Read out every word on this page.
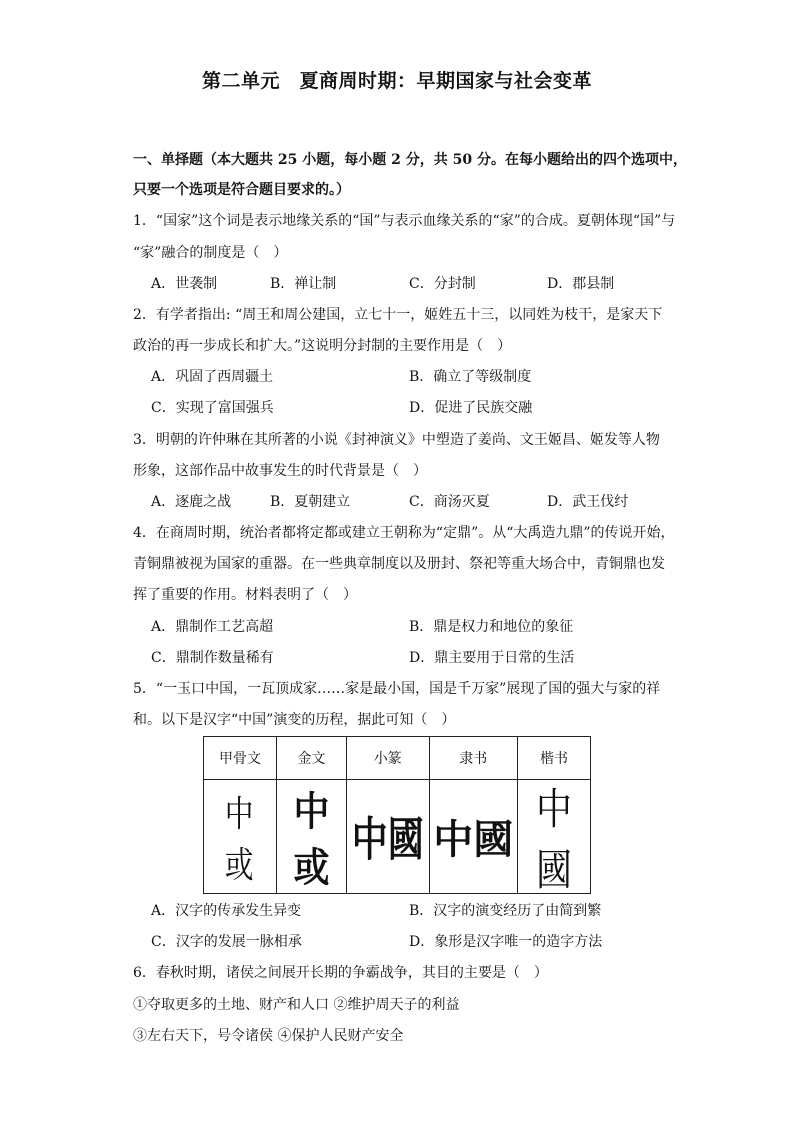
第二单元　夏商周时期：早期国家与社会变革
一、单择题（本大题共 25 小题，每小题 2 分，共 50 分。在每小题给出的四个选项中，
只要一个选项是符合题目要求的。）
1．“国家”这个词是表示地缘关系的“国”与表示血缘关系的“家”的合成。夏朝体现“国”与
“家”融合的制度是（　）
A．世袭制	B．禅让制	C．分封制	D．郡县制
2．有学者指出: “周王和周公建国，立七十一，姬姓五十三，以同姓为枝干，是家天下
政治的再一步成长和扩大。”这说明分封制的主要作用是（　）
A．巩固了西周疆土	B．确立了等级制度
C．实现了富国强兵	D．促进了民族交融
3．明朝的许仲琳在其所著的小说《封神演义》中塑造了姜尚、文王姬昌、姬发等人物
形象，这部作品中故事发生的时代背景是（　）
A．逐鹿之战	B．夏朝建立	C．商汤灭夏	D．武王伐纣
4．在商周时期，统治者都将定都或建立王朝称为“定鼎”。从“大禹造九鼎”的传说开始，
青铜鼎被视为国家的重器。在一些典章制度以及册封、祭祀等重大场合中，青铜鼎也发
挥了重要的作用。材料表明了（　）
A．鼎制作工艺高超	B．鼎是权力和地位的象征
C．鼎制作数量稀有	D．鼎主要用于日常的生活
5．“一玉口中国，一瓦顶成家……家是最小国，国是千万家”展现了国的强大与家的祥
和。以下是汉字“中国”演变的历程，据此可知（　）
甲骨文	金文	小篆	隶书	楷书
中或	中或	中國	中國	中國
A．汉字的传承发生异变	B．汉字的演变经历了由简到繁
C．汉字的发展一脉相承	D．象形是汉字唯一的造字方法
6．春秋时期，诸侯之间展开长期的争霸战争，其目的主要是（　）
①夺取更多的土地、财产和人口 ②维护周天子的利益
③左右天下，号令诸侯 ④保护人民财产安全
